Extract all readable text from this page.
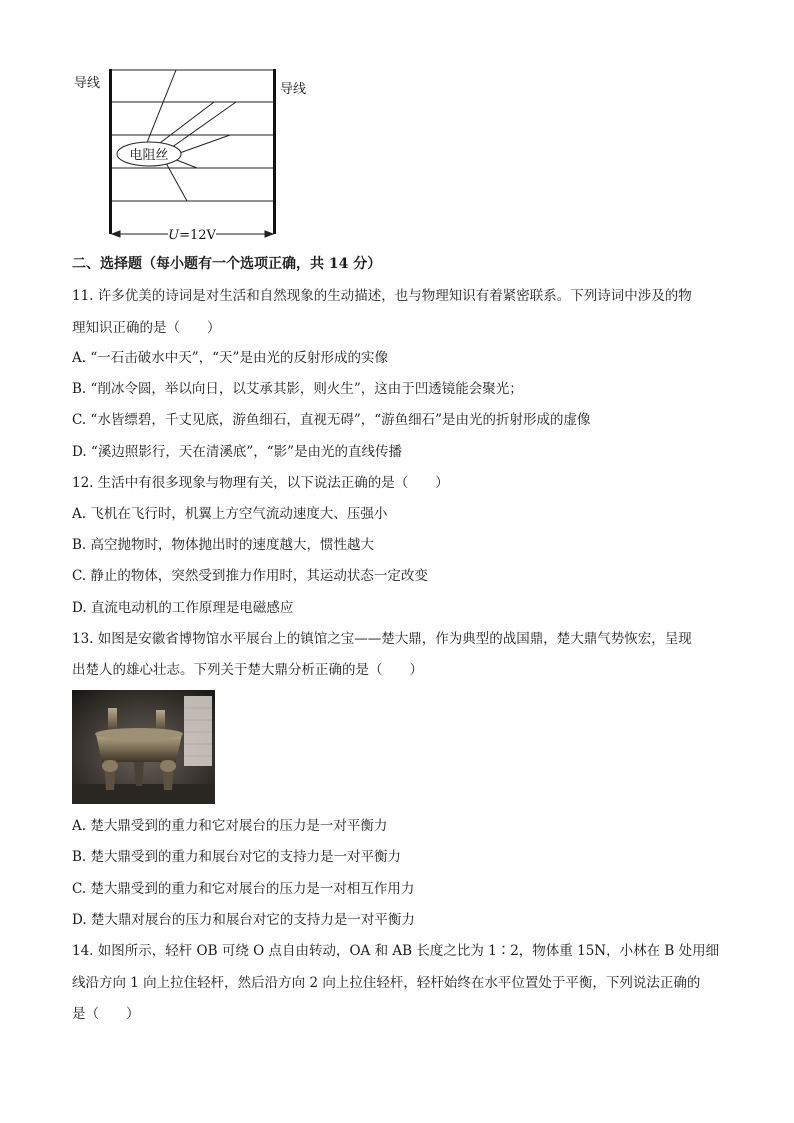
电阻丝
导线	导线
U=12V
二、选择题（每小题有一个选项正确，共 14 分）
11. 许多优美的诗词是对生活和自然现象的生动描述，也与物理知识有着紧密联系。下列诗词中涉及的物
理知识正确的是（　　）
A. “一石击破水中天”，“天”是由光的反射形成的实像
B. “削冰令圆，举以向日，以艾承其影，则火生”，这由于凹透镜能会聚光；
C. “水皆缥碧，千丈见底，游鱼细石，直视无碍”，“游鱼细石”是由光的折射形成的虚像
D. “溪边照影行，天在清溪底”，“影”是由光的直线传播
12. 生活中有很多现象与物理有关，以下说法正确的是（　　）
A. 飞机在飞行时，机翼上方空气流动速度大、压强小
B. 高空抛物时，物体抛出时的速度越大，惯性越大
C. 静止的物体，突然受到推力作用时，其运动状态一定改变
D. 直流电动机的工作原理是电磁感应
13. 如图是安徽省博物馆水平展台上的镇馆之宝——楚大鼎，作为典型的战国鼎，楚大鼎气势恢宏，呈现
出楚人的雄心壮志。下列关于楚大鼎分析正确的是（　　）
A. 楚大鼎受到的重力和它对展台的压力是一对平衡力
B. 楚大鼎受到的重力和展台对它的支持力是一对平衡力
C. 楚大鼎受到的重力和它对展台的压力是一对相互作用力
D. 楚大鼎对展台的压力和展台对它的支持力是一对平衡力
14. 如图所示，轻杆 OB 可绕 O 点自由转动，OA 和 AB 长度之比为 1∶2，物体重 15N，小林在 B 处用细
线沿方向 1 向上拉住轻杆，然后沿方向 2 向上拉住轻杆，轻杆始终在水平位置处于平衡，下列说法正确的
是（　　）
